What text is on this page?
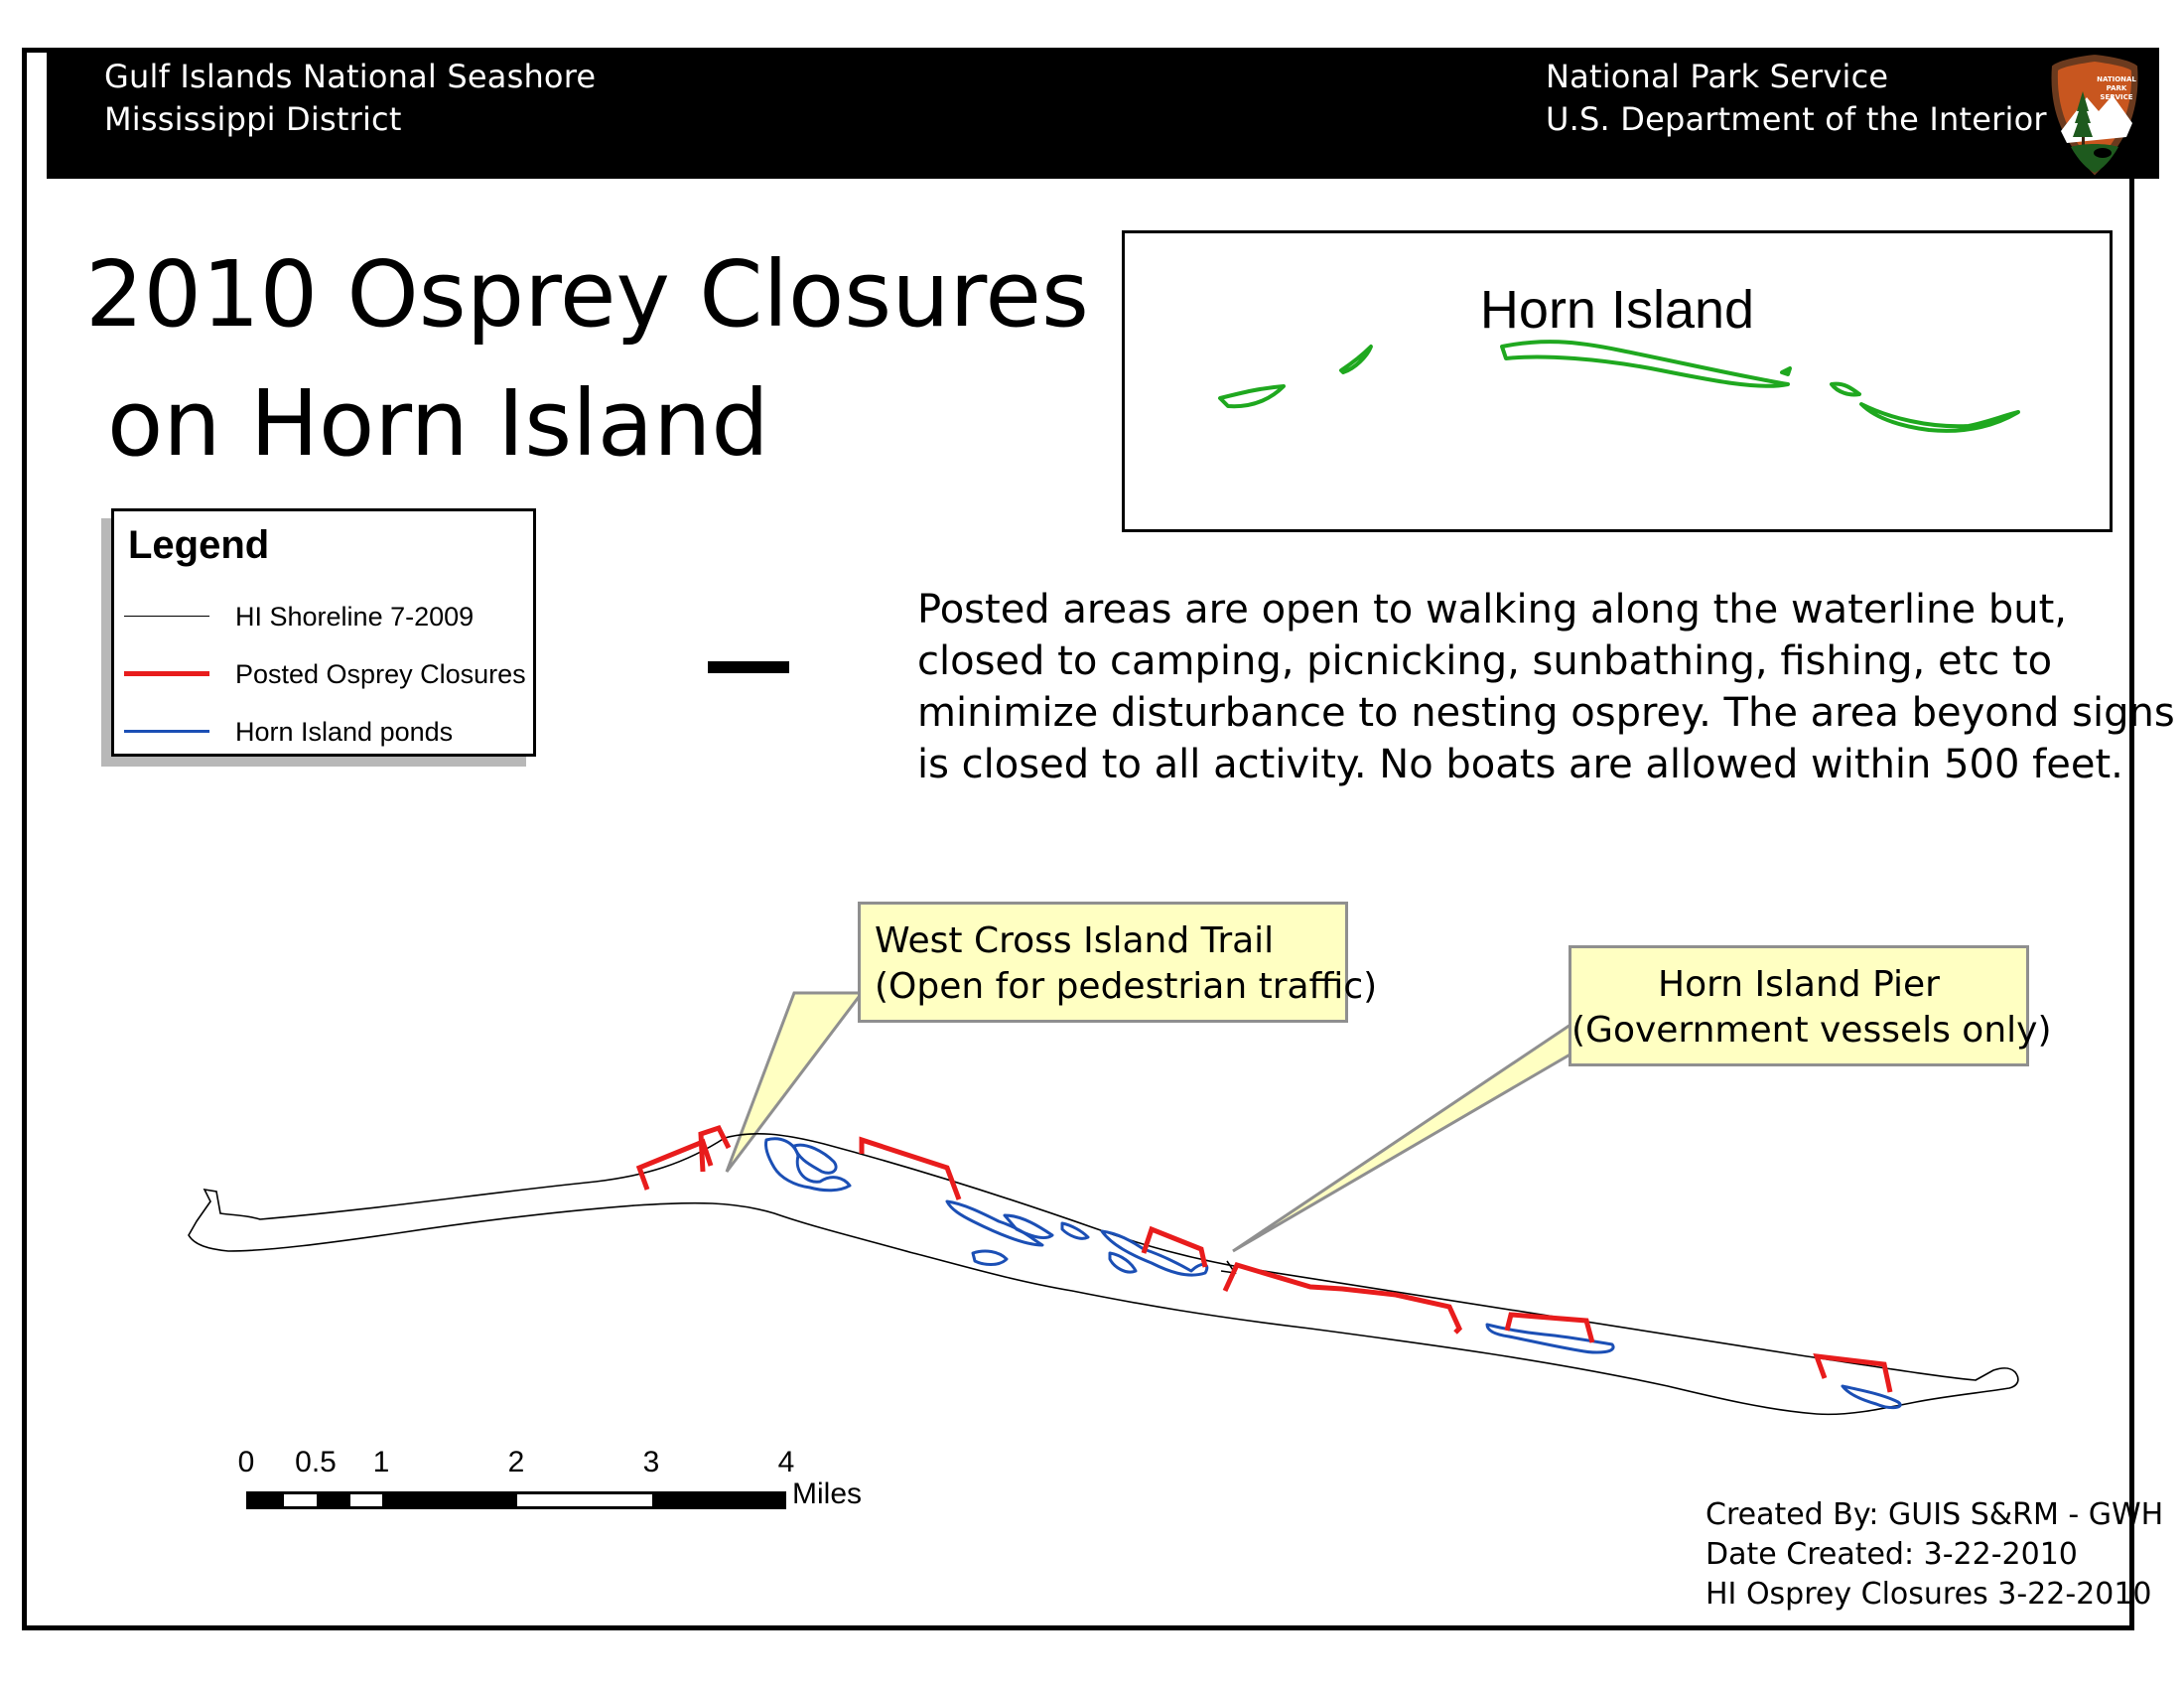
Gulf Islands National Seashore
Mississippi District
National Park Service
U.S. Department of the Interior
NATIONAL
PARK
SERVICE
2010 Osprey Closures
on Horn Island
Horn Island
Legend
HI Shoreline 7-2009
Posted Osprey Closures
Horn Island ponds
Posted areas are open to walking along the waterline but,
closed to camping, picnicking, sunbathing, fishing, etc to
minimize disturbance to nesting osprey. The area beyond signs
is closed to all activity. No boats are allowed within 500 feet.
West Cross Island Trail
(Open for pedestrian traffic)	Horn Island Pier
(Government vessels only)
0 0.5 1	2	3	4
Miles
Created By: GUIS S&RM - GWH
Date Created: 3-22-2010
HI Osprey Closures 3-22-2010
